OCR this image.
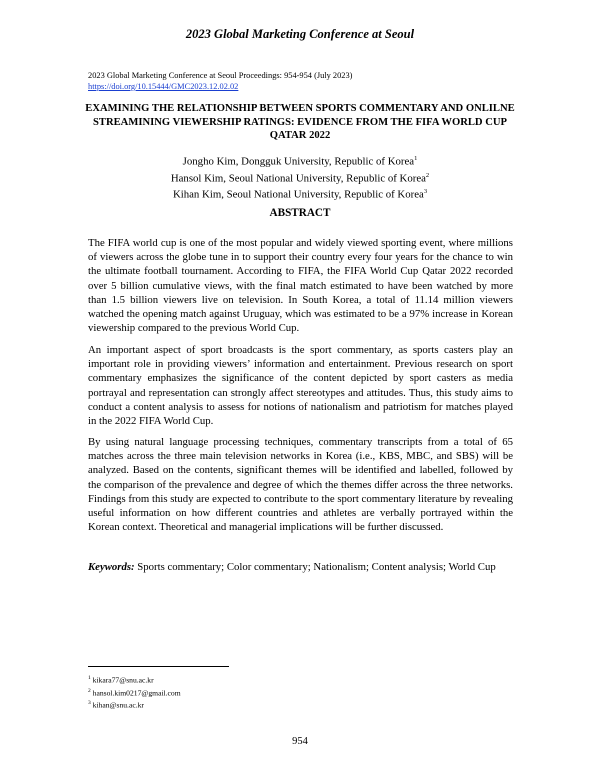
2023 Global Marketing Conference at Seoul
2023 Global Marketing Conference at Seoul Proceedings: 954-954 (July 2023)
https://doi.org/10.15444/GMC2023.12.02.02
EXAMINING THE RELATIONSHIP BETWEEN SPORTS COMMENTARY AND ONLILNE STREAMINING VIEWERSHIP RATINGS: EVIDENCE FROM THE FIFA WORLD CUP QATAR 2022
Jongho Kim, Dongguk University, Republic of Korea$^1$
Hansol Kim, Seoul National University, Republic of Korea$^2$
Kihan Kim, Seoul National University, Republic of Korea$^3$
ABSTRACT

The FIFA world cup is one of the most popular and widely viewed sporting event, where millions of viewers across the globe tune in to support their country every four years for the chance to win the ultimate football tournament. According to FIFA, the FIFA World Cup Qatar 2022 recorded over 5 billion cumulative views, with the final match estimated to have been watched by more than 1.5 billion viewers live on television. In South Korea, a total of 11.14 million viewers watched the opening match against Uruguay, which was estimated to be a 97% increase in Korean viewership compared to the previous World Cup.

An important aspect of sport broadcasts is the sport commentary, as sports casters play an important role in providing viewers’ information and entertainment. Previous research on sport commentary emphasizes the significance of the content depicted by sport casters as media portrayal and representation can strongly affect stereotypes and attitudes. Thus, this study aims to conduct a content analysis to assess for notions of nationalism and patriotism for matches played in the 2022 FIFA World Cup.

By using natural language processing techniques, commentary transcripts from a total of 65 matches across the three main television networks in Korea (i.e., KBS, MBC, and SBS) will be analyzed. Based on the contents, significant themes will be identified and labelled, followed by the comparison of the prevalence and degree of which the themes differ across the three networks. Findings from this study are expected to contribute to the sport commentary literature by revealing useful information on how different countries and athletes are verbally portrayed within the Korean context. Theoretical and managerial implications will be further discussed.

Keywords: Sports commentary; Color commentary; Nationalism; Content analysis; World Cup

$^1$ kikara77@snu.ac.kr
$^2$ hansol.kim0217@gmail.com
$^3$ kihan@snu.ac.kr
954
